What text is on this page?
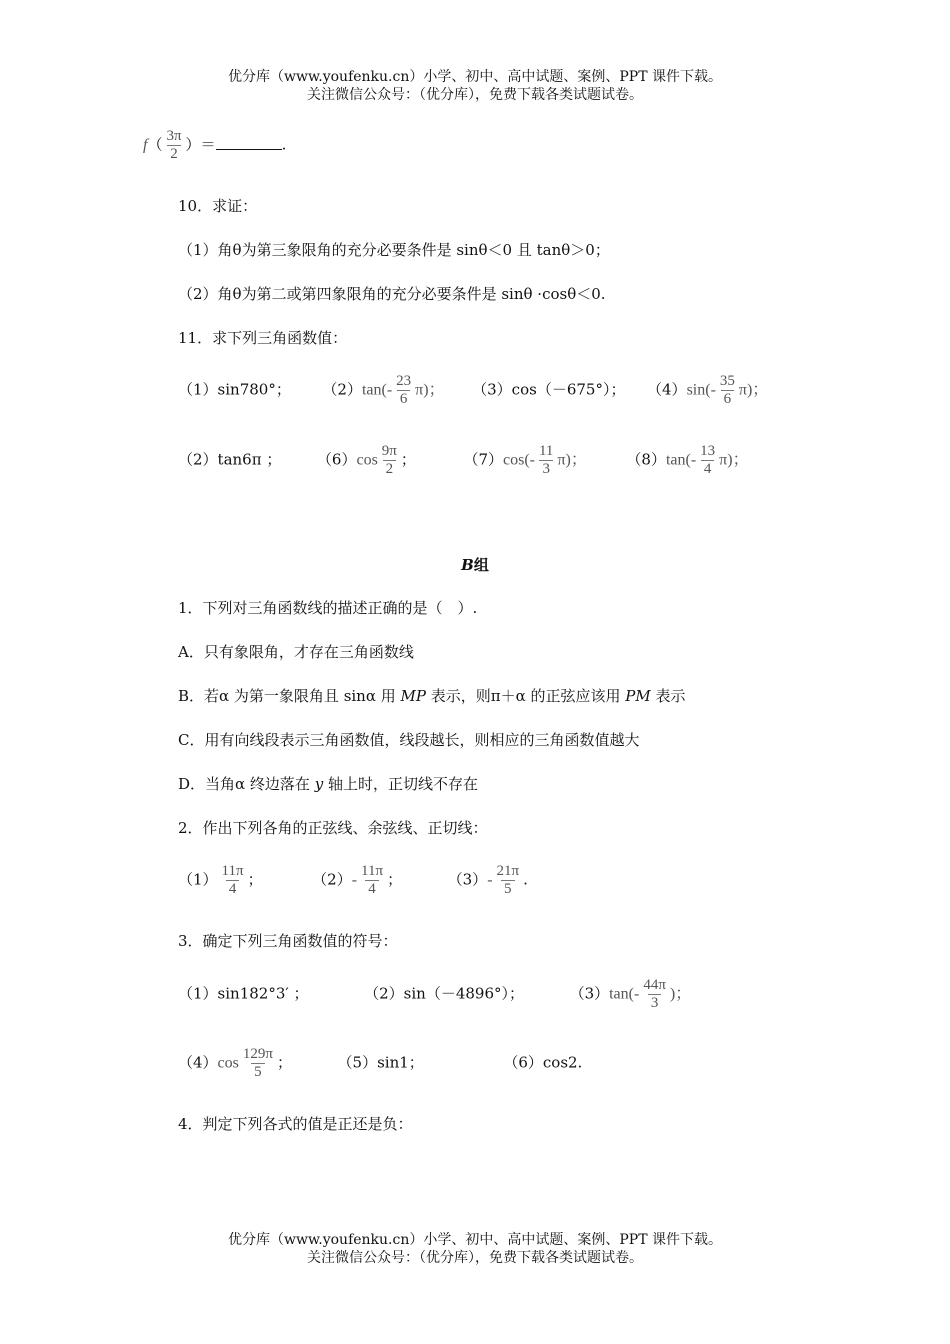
优分库（www.youfenku.cn）小学、初中、高中试题、案例、PPT 课件下载。
关注微信公众号：（优分库），免费下载各类试题试卷。
$f( \frac{3\pi}{2}$ ）＝	.
10．求证：
（1）角θ为第三象限角的充分必要条件是 sinθ＜0 且 tanθ＞0；
（2）角θ为第二或第四象限角的充分必要条件是 sinθ ·cosθ＜0.
11．求下列三角函数值：
（1）sin780°； $(2)\tan(- \frac{23}{6} \pi)$； （3）cos（－675°）； $(4)\sin(- \frac{35}{6} \pi)$；
（2）tan6π ； $(6)\cos \frac{9\pi}{2}$ ；	$(7)\cos(- \frac{11}{3} \pi)$；	$(8)\tan(- \frac{13}{4} \pi)$；
B组
1．下列对三角函数线的描述正确的是（　）.
A．只有象限角，才存在三角函数线
B．若α 为第一象限角且 sinα 用 MP 表示，则π＋α 的正弦应该用 PM 表示
C．用有向线段表示三角函数值，线段越长，则相应的三角函数值越大
D．当角α 终边落在 y 轴上时，正切线不存在
2．作出下列各角的正弦线、余弦线、正切线：
$(1) \frac{11\pi}{4}$ ；	$(2)- \frac{11\pi}{4}$ ；	$(3)- \frac{21\pi}{5}$ .
3．确定下列三角函数值的符号：
（1）sin182°3′ ；	（2）sin（－4896°）；	$(3)\tan(- \frac{44\pi}{3}$ )；
$(4)\cos \frac{129\pi}{5}$ ；	（5）sin1；	（6）cos2.
4．判定下列各式的值是正还是负：
优分库（www.youfenku.cn）小学、初中、高中试题、案例、PPT 课件下载。
关注微信公众号：（优分库），免费下载各类试题试卷。
